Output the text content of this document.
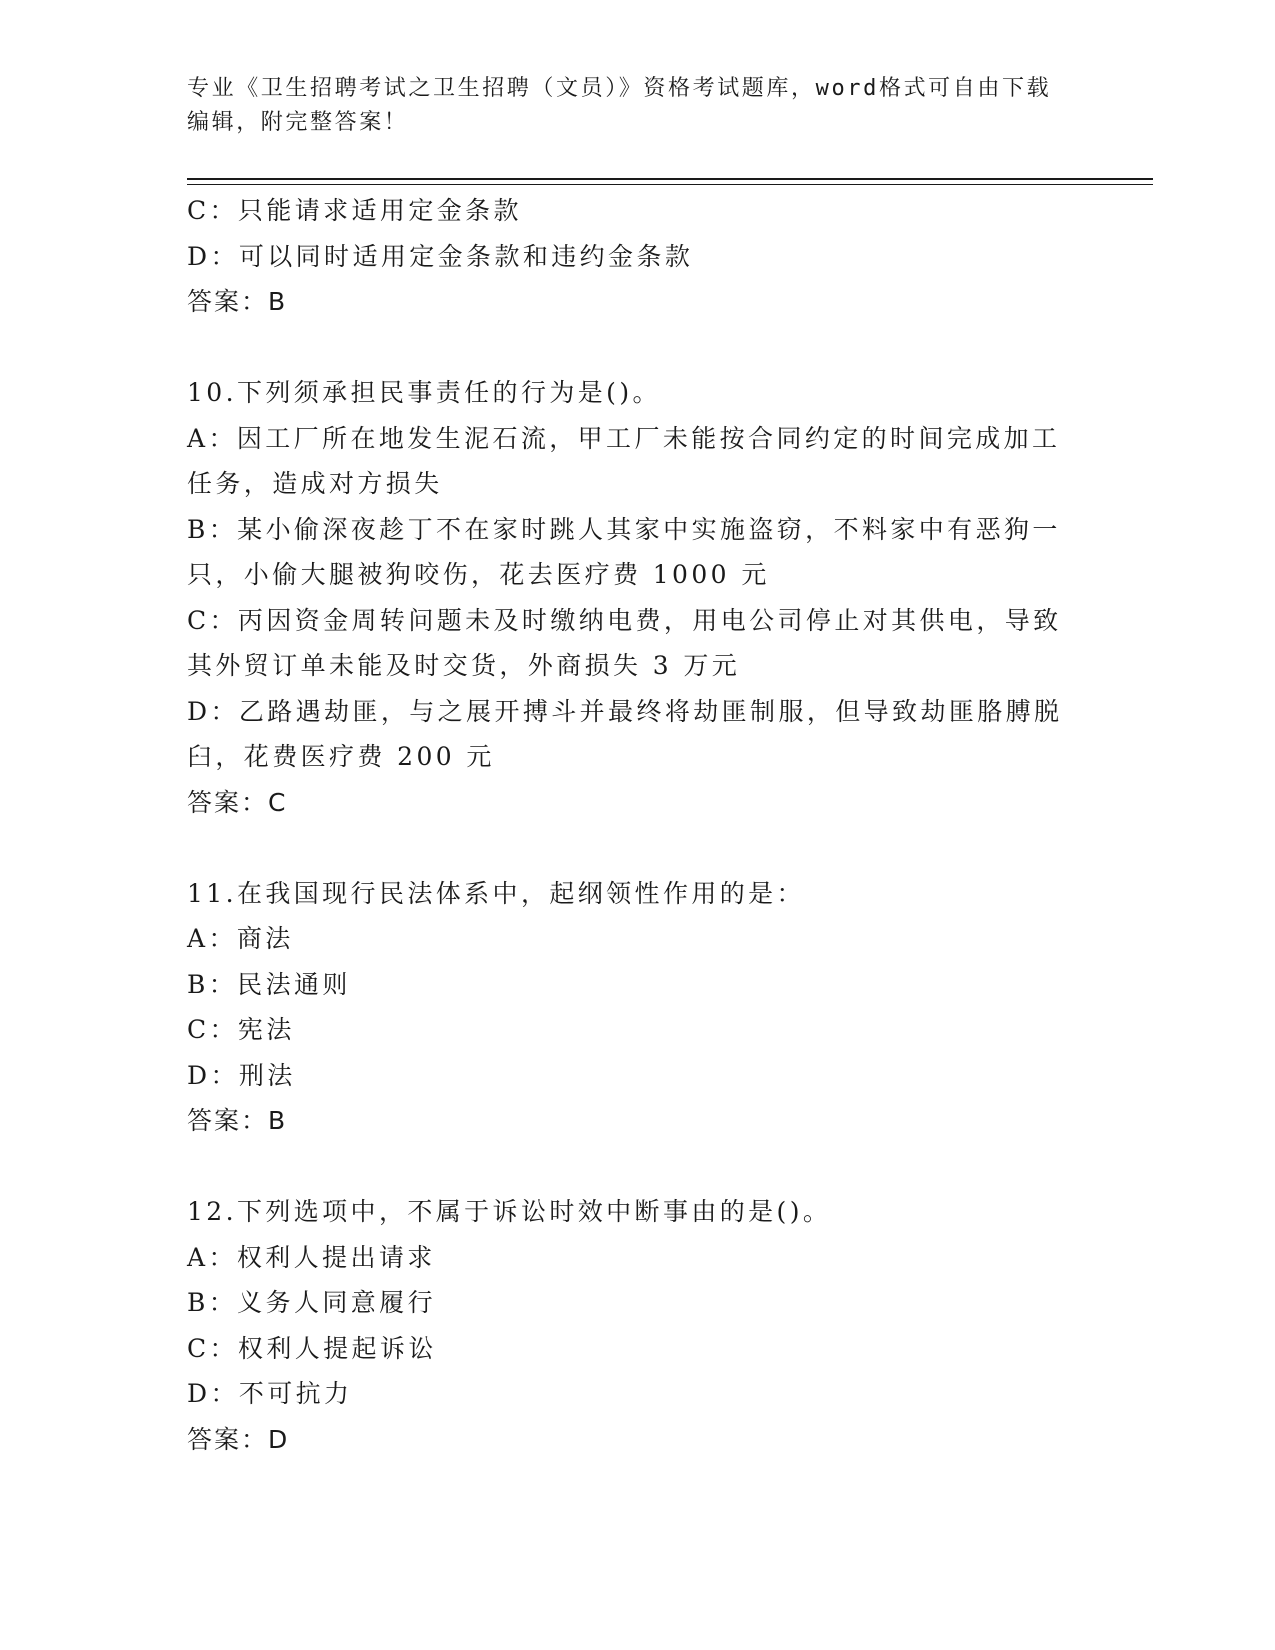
专业《卫生招聘考试之卫生招聘（文员）》资格考试题库，word格式可自由下载
编辑，附完整答案！
C：只能请求适用定金条款
D：可以同时适用定金条款和违约金条款
答案：B
10.下列须承担民事责任的行为是()。
A：因工厂所在地发生泥石流，甲工厂未能按合同约定的时间完成加工
任务，造成对方损失
B：某小偷深夜趁丁不在家时跳人其家中实施盗窃，不料家中有恶狗一
只，小偷大腿被狗咬伤，花去医疗费 1000 元
C：丙因资金周转问题未及时缴纳电费，用电公司停止对其供电，导致
其外贸订单未能及时交货，外商损失 3 万元
D：乙路遇劫匪，与之展开搏斗并最终将劫匪制服，但导致劫匪胳膊脱
臼，花费医疗费 200 元
答案：C
11.在我国现行民法体系中，起纲领性作用的是：
A：商法
B：民法通则
C：宪法
D：刑法
答案：B
12.下列选项中，不属于诉讼时效中断事由的是()。
A：权利人提出请求
B：义务人同意履行
C：权利人提起诉讼
D：不可抗力
答案：D
